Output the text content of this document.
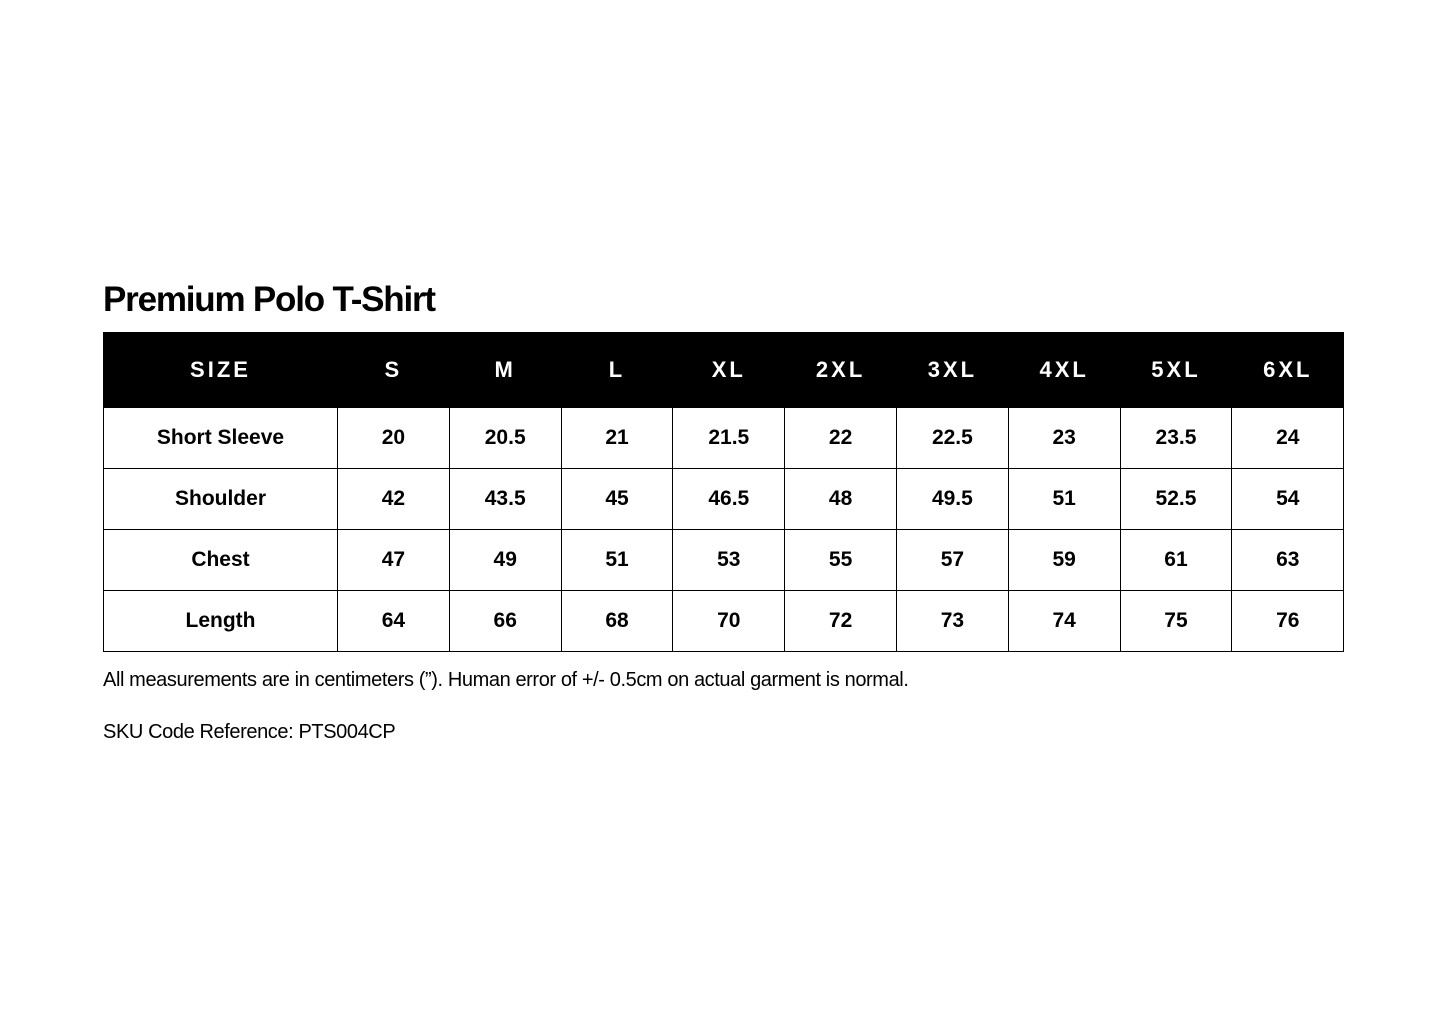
Premium Polo T-Shirt
SIZE	S	M	L	XL	2XL	3XL	4XL	5XL	6XL
Short Sleeve	20	20.5	21	21.5	22	22.5	23	23.5	24
Shoulder	42	43.5	45	46.5	48	49.5	51	52.5	54
Chest	47	49	51	53	55	57	59	61	63
Length	64	66	68	70	72	73	74	75	76

All measurements are in centimeters (”). Human error of +/- 0.5cm on actual garment is normal.

SKU Code Reference: PTS004CP
